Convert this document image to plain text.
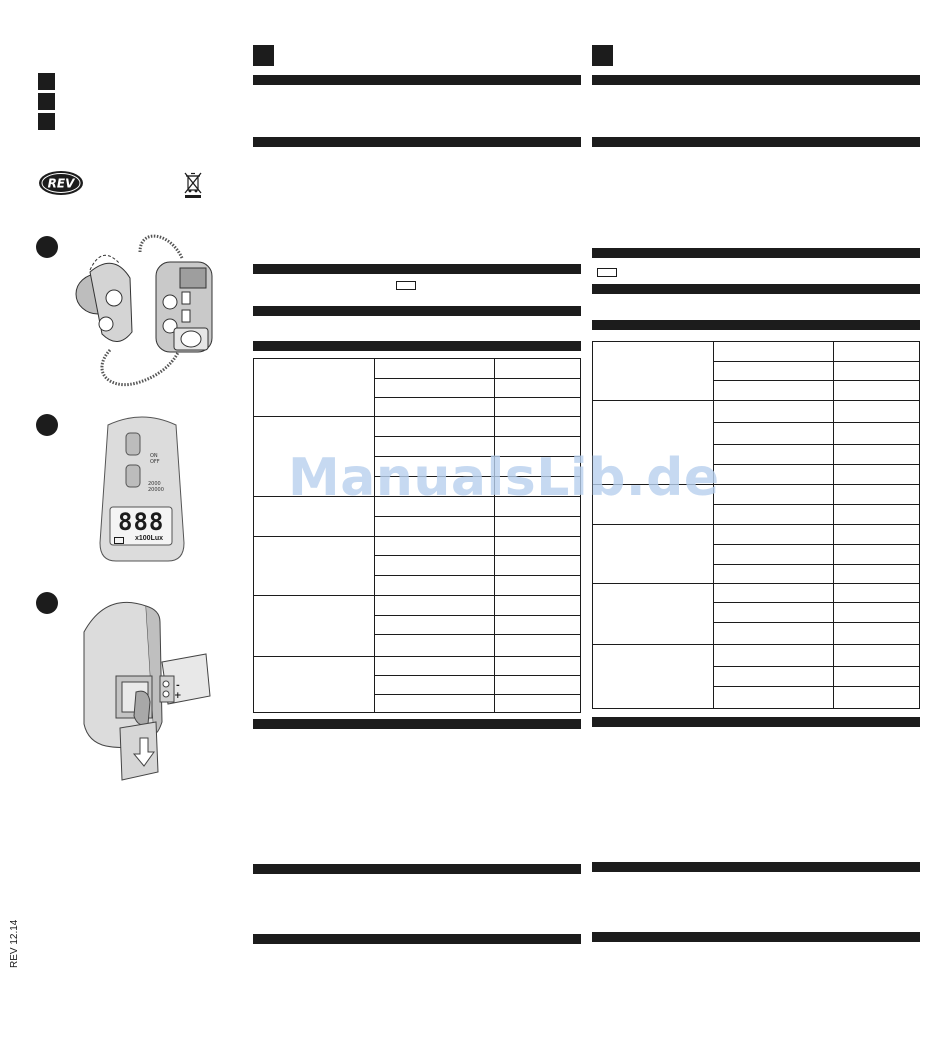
REV
ON
OFF
2000
20000
888
x100Lux
-
+
REV 12.14

ManualsLib.de
